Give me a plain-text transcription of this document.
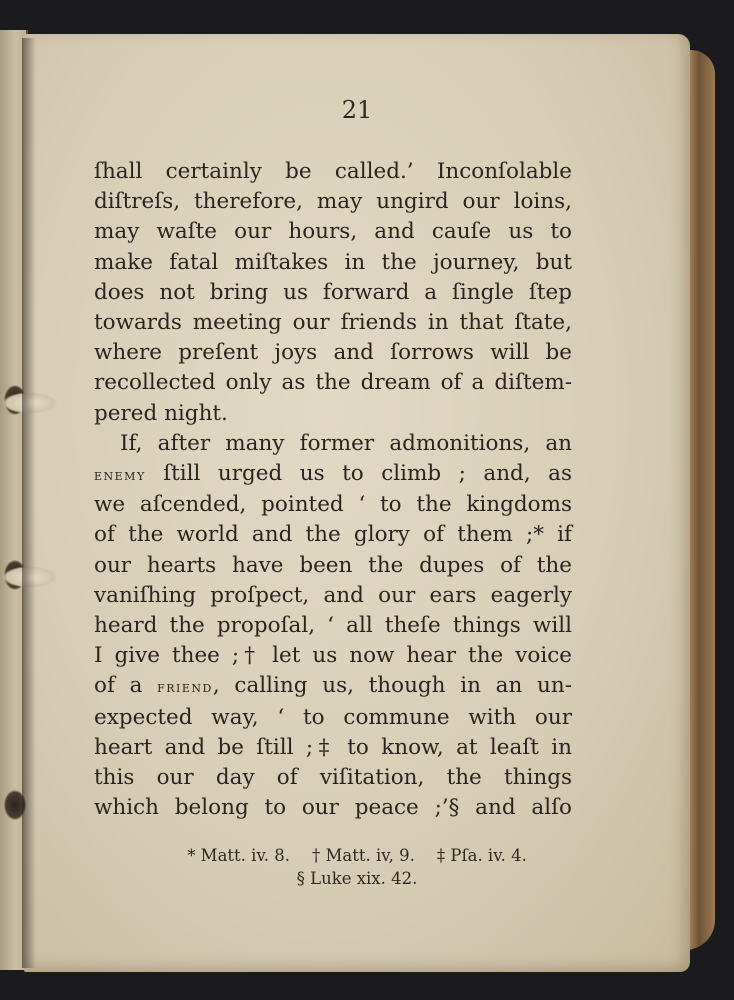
21
ſhall certainly be called.’ Inconſolable
diſtreſs, therefore, may ungird our loins,
may waſte our hours, and cauſe us to
make fatal miſtakes in the journey, but
does not bring us forward a ſingle ſtep
towards meeting our friends in that ſtate,
where preſent joys and ſorrows will be
recollected only as the dream of a diſtem-
pered night.
If, after many former admonitions, an
enemy ſtill urged us to climb ; and, as
we aſcended, pointed ‘ to the kingdoms
of the world and the glory of them ;* if
our hearts have been the dupes of the
vaniſhing proſpect, and our ears eagerly
heard the propoſal, ‘ all theſe things will
I give thee ;† let us now hear the voice
of a friend, calling us, though in an un-
expected way, ‘ to commune with our
heart and be ſtill ;‡ to know, at leaſt in
this our day of viſitation, the things
which belong to our peace ;’§ and alſo
* Matt. iv. 8. † Matt. iv, 9. ‡ Pſa. iv. 4.
§ Luke xix. 42.
